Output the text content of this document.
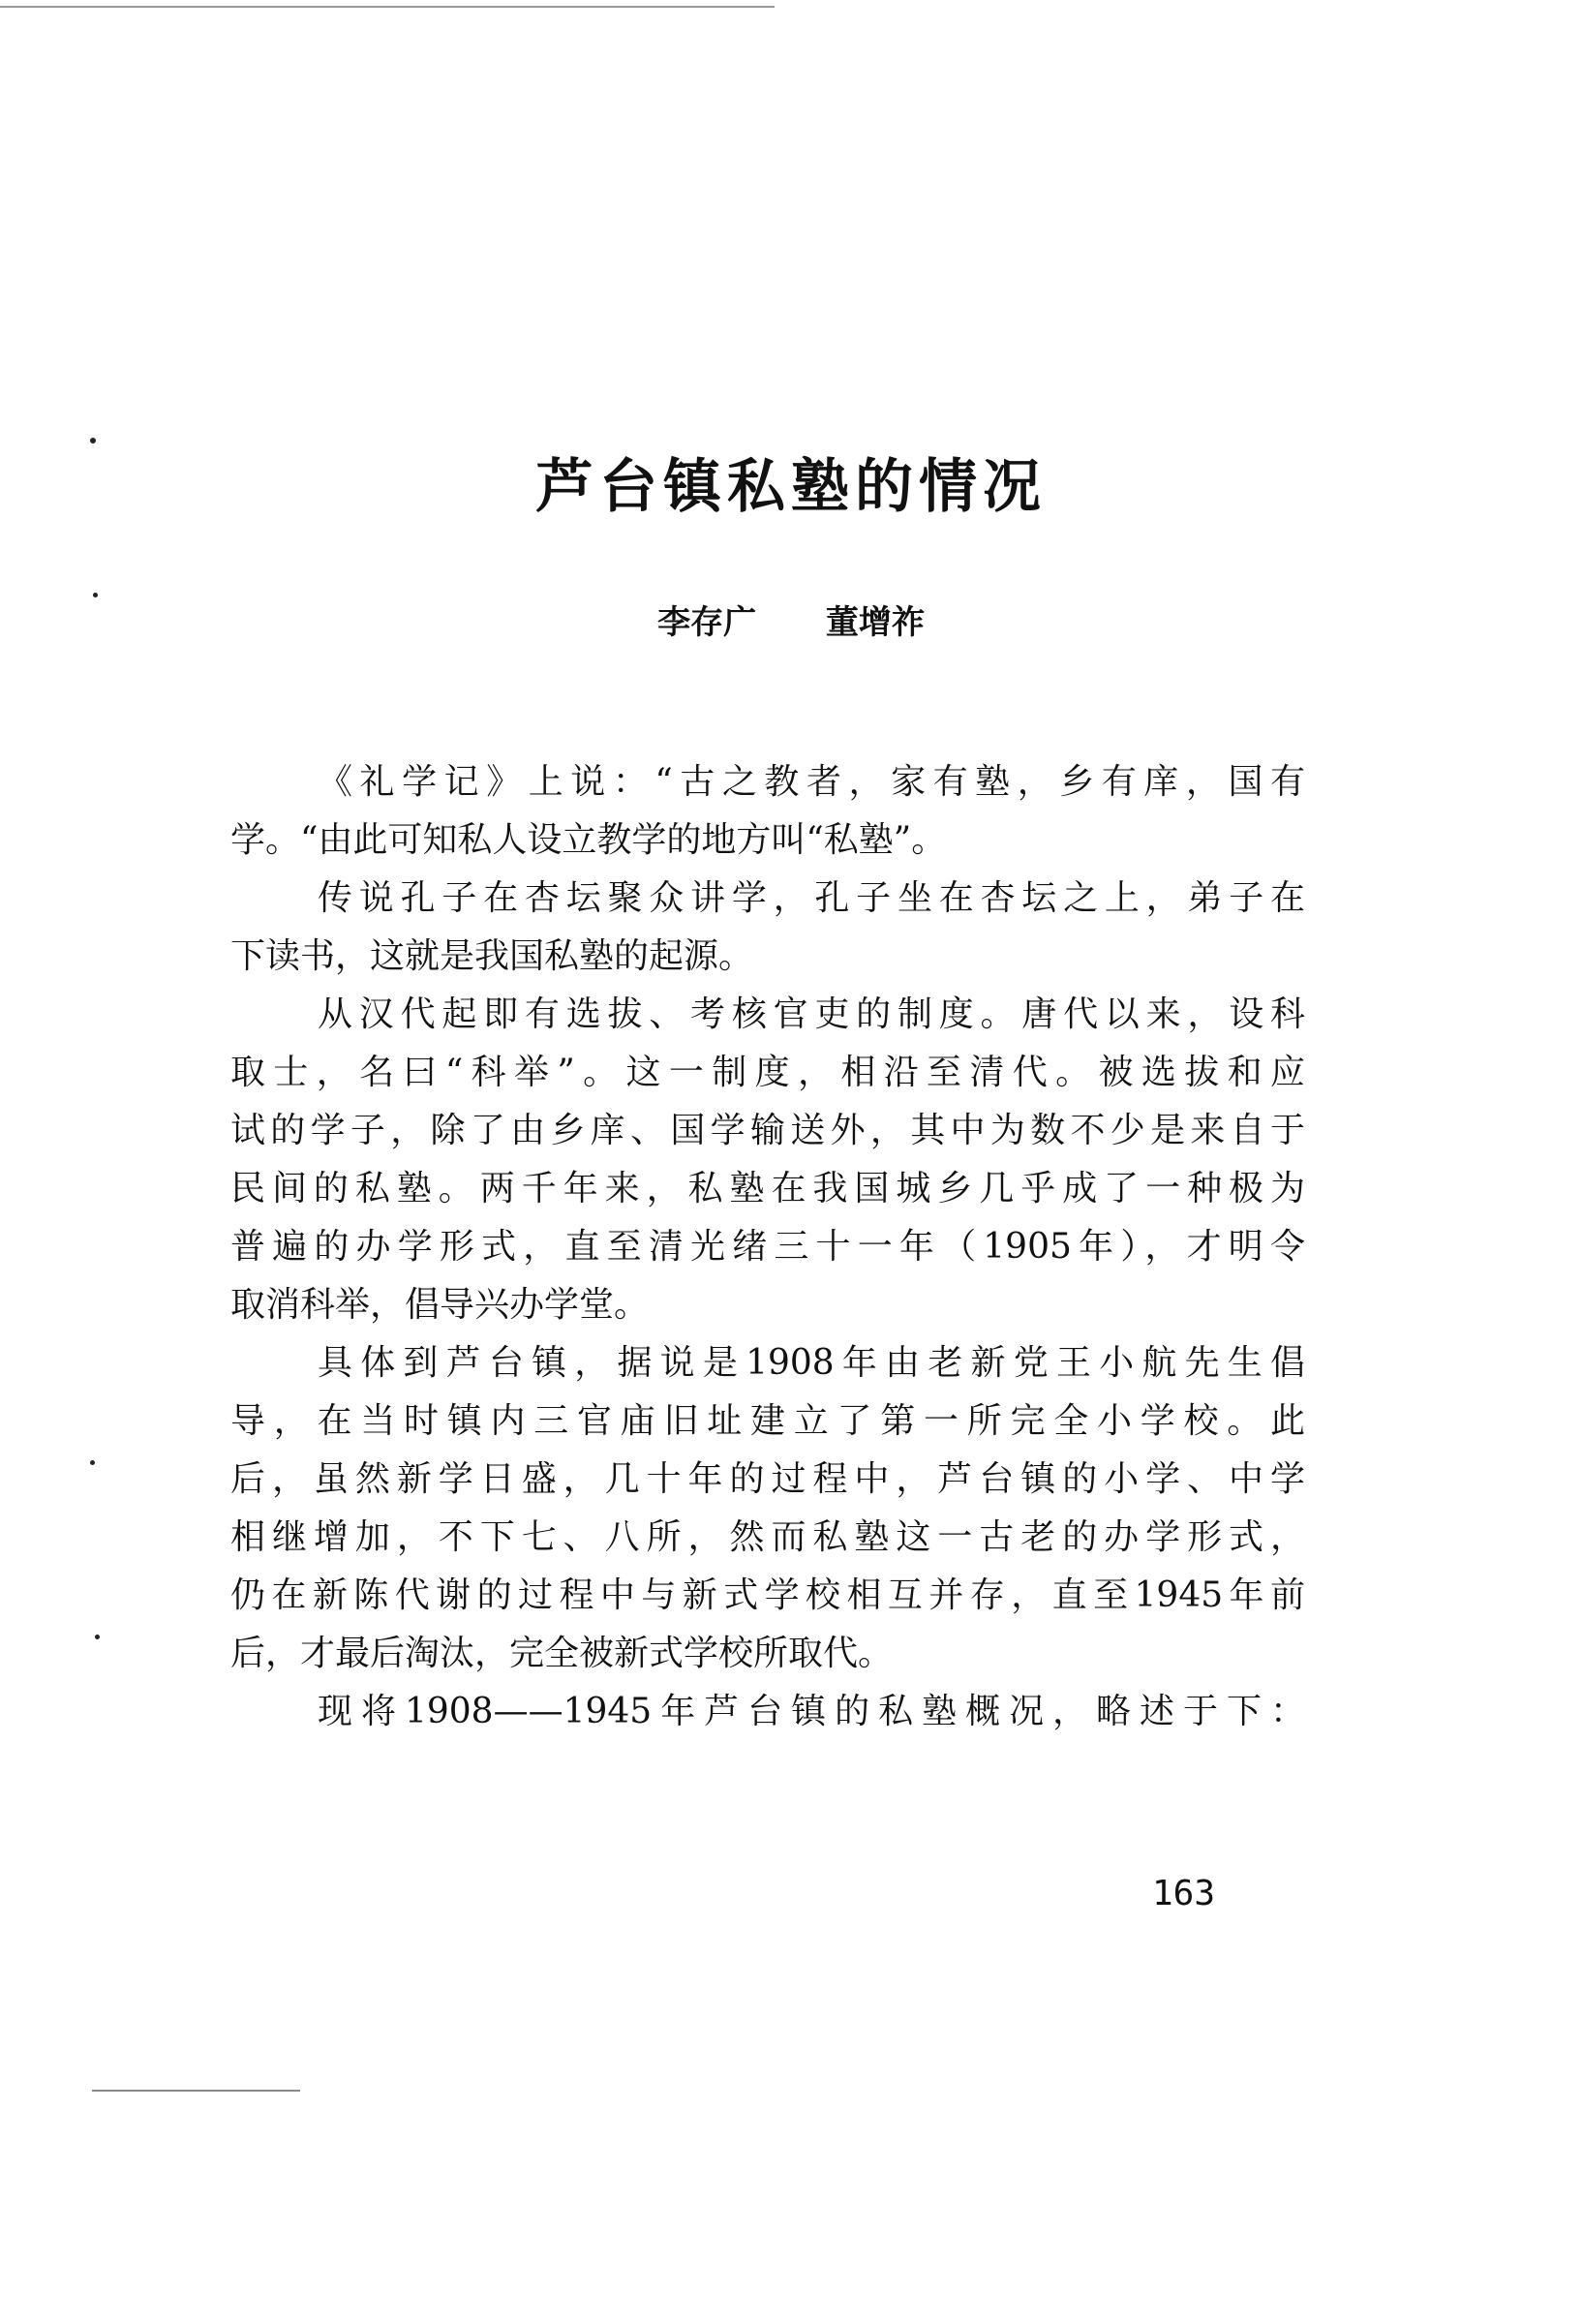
芦台镇私塾的情况
李存广 董增祚
《礼学记》上说：“古之教者，家有塾，乡有庠，国有
学。“由此可知私人设立教学的地方叫“私塾”。
传说孔子在杏坛聚众讲学，孔子坐在杏坛之上，弟子在
下读书，这就是我国私塾的起源。
从汉代起即有选拔、考核官吏的制度。唐代以来，设科
取士，名曰“科举”。这一制度，相沿至清代。被选拔和应
试的学子，除了由乡庠、国学输送外，其中为数不少是来自于
民间的私塾。两千年来，私塾在我国城乡几乎成了一种极为
普遍的办学形式，直至清光绪三十一年（1905年），才明令
取消科举，倡导兴办学堂。
具体到芦台镇，据说是1908年由老新党王小航先生倡
导，在当时镇内三官庙旧址建立了第一所完全小学校。此
后，虽然新学日盛，几十年的过程中，芦台镇的小学、中学
相继增加，不下七、八所，然而私塾这一古老的办学形式，
仍在新陈代谢的过程中与新式学校相互并存，直至1945年前
后，才最后淘汰，完全被新式学校所取代。
现将1908——1945年芦台镇的私塾概况，略述于下：
163
